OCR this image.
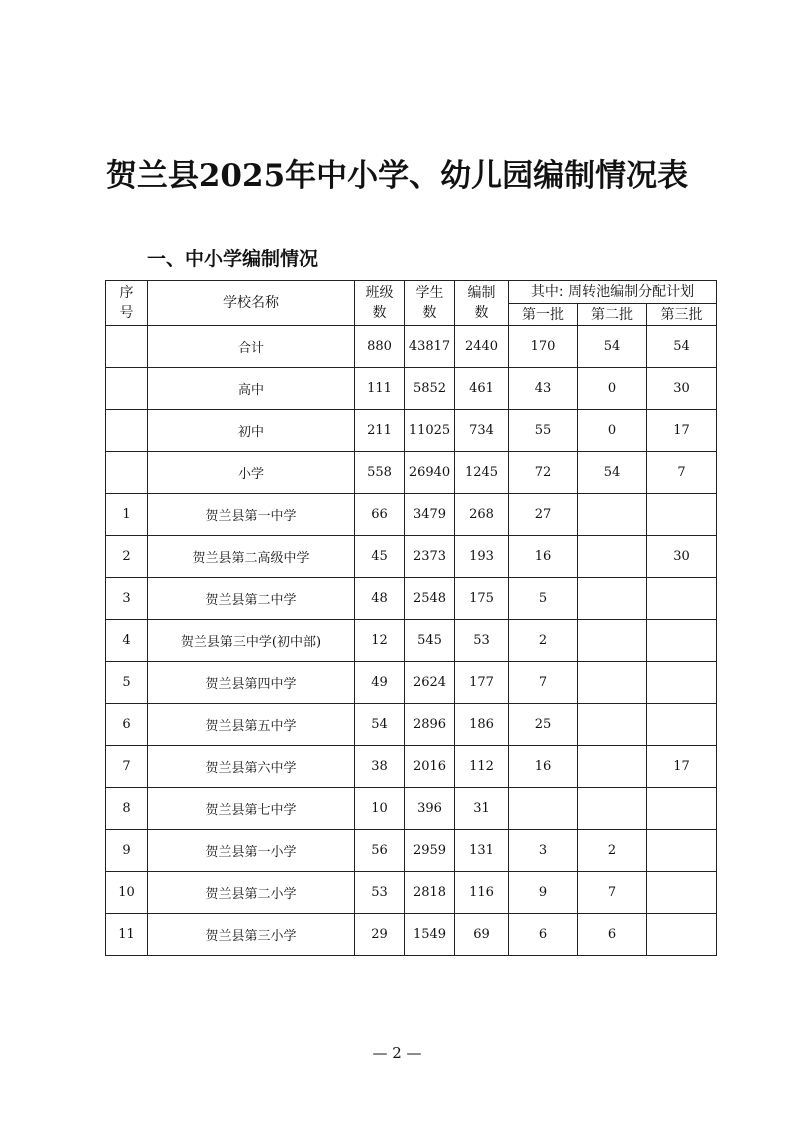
贺兰县2025年中小学、幼儿园编制情况表
一、中小学编制情况
序号	学校名称	班级数	学生数	编制数	其中: 周转池编制分配计划		
					第一批	第二批	第三批
	合计	880	43817	2440	170	54	54
	高中	111	5852	461	43	0	30
	初中	211	11025	734	55	0	17
	小学	558	26940	1245	72	54	7
1	贺兰县第一中学	66	3479	268	27		
2	贺兰县第二高级中学	45	2373	193	16		30
3	贺兰县第二中学	48	2548	175	5		
4	贺兰县第三中学(初中部)	12	545	53	2		
5	贺兰县第四中学	49	2624	177	7		
6	贺兰县第五中学	54	2896	186	25		
7	贺兰县第六中学	38	2016	112	16		17
8	贺兰县第七中学	10	396	31			
9	贺兰县第一小学	56	2959	131	3	2	
10	贺兰县第二小学	53	2818	116	9	7	
11	贺兰县第三小学	29	1549	69	6	6	
— 2 —
